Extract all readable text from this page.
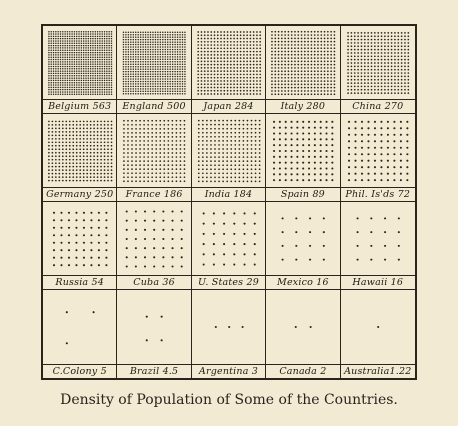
Belgium 563	England 500	Japan 284	Italy 280	China 270
Germany 250	France 186	India 184	Spain 89	Phil. Is'ds 72
Russia 54	Cuba 36	U. States 29	Mexico 16	Hawaii 16
C.Colony 5	Brazil 4.5	Argentina 3	Canada 2	Australia1.22
Density of Population of Some of the Countries.
